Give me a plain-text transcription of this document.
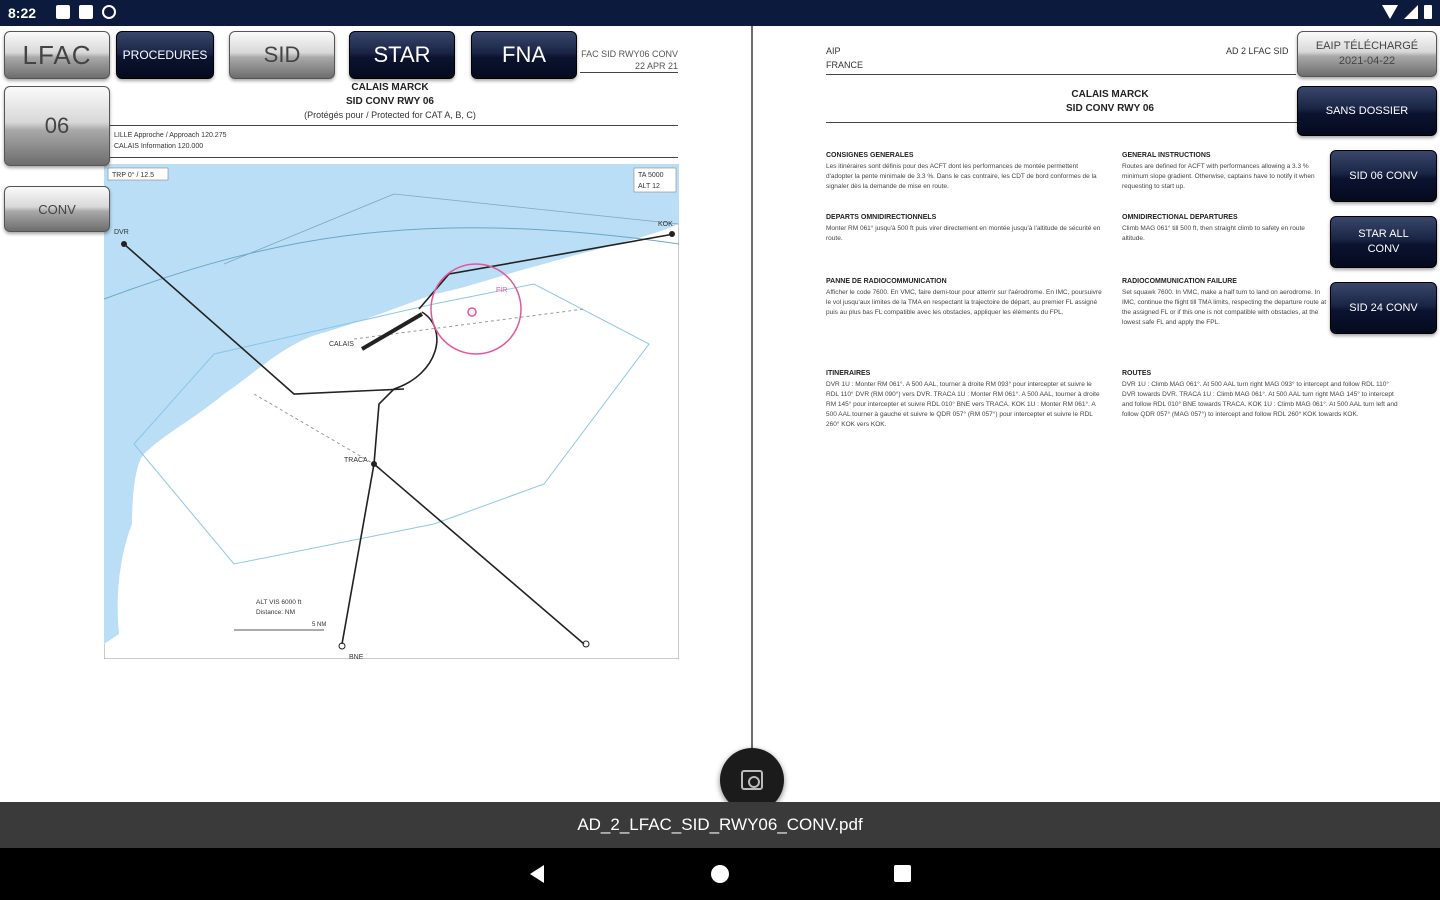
8:22
FAC SID RWY06 CONV
22 APR 21
CALAIS MARCK
SID CONV RWY 06
(Protégés pour / Protected for CAT A, B, C)
LILLE Approche / Approach 120.275
CALAIS Information 120.000
CALAIS
TRACA
KOK
DVR
BNE
FIR
TRP 0° / 12.5	TA 5000
ALT 12
ALT VIS 6000 ft
Distance: NM
5 NM
AIP
FRANCE
AD 2 LFAC SID
CALAIS MARCK
SID CONV RWY 06
CONSIGNES GENERALES

Les itinéraires sont définis pour des ACFT dont les performances de montée permettent d'adopter la pente minimale de 3.3 %. Dans le cas contraire, les CDT de bord conformes de la signaler dès la demande de mise en route.

DEPARTS OMNIDIRECTIONNELS

Monter RM 061° jusqu'à 500 ft puis virer directement en montée jusqu'à l'altitude de sécurité en route.

PANNE DE RADIOCOMMUNICATION

Afficher le code 7600. En VMC, faire demi-tour pour atterrir sur l'aérodrome. En IMC, poursuivre le vol jusqu'aux limites de la TMA en respectant la trajectoire de départ, au premier FL assigné puis au plus bas FL compatible avec les obstacles, appliquer les éléments du FPL.

ITINERAIRES

DVR 1U : Monter RM 061°. A 500 AAL, tourner à droite RM 093° pour intercepter et suivre le RDL 110° DVR (RM 090°) vers DVR. TRACA 1U : Monter RM 061°. A 500 AAL, tourner à droite RM 145° pour intercepter et suivre RDL 010° BNE vers TRACA. KOK 1U : Monter RM 061°. A 500 AAL tourner à gauche et suivre le QDR 057° (RM 057°) pour intercepter et suivre le RDL 260° KOK vers KOK.

GENERAL INSTRUCTIONS

Routes are defined for ACFT with performances allowing a 3.3 % minimum slope gradient. Otherwise, captains have to notify it when requesting to start up.

OMNIDIRECTIONAL DEPARTURES

Climb MAG 061° till 500 ft, then straight climb to safety en route altitude.

RADIOCOMMUNICATION FAILURE

Set squawk 7600. In VMC, make a half turn to land on aerodrome. In IMC, continue the flight till TMA limits, respecting the departure route at the assigned FL or if this one is not compatible with obstacles, at the lowest safe FL and apply the FPL.

ROUTES

DVR 1U : Climb MAG 061°. At 500 AAL turn right MAG 093° to intercept and follow RDL 110° DVR towards DVR. TRACA 1U : Climb MAG 061°. At 500 AAL turn right MAG 145° to intercept and follow RDL 010° BNE towards TRACA. KOK 1U : Climb MAG 061°. At 500 AAL turn left and follow QDR 057° (MAG 057°) to intercept and follow RDL 260° KOK towards KOK.

LFAC	PROCEDURES	SID	STAR	FNA
06
CONV
EAIP TÉLÉCHARGÉ
2021-04-22
SANS DOSSIER
SID 06 CONV
STAR ALL
CONV
SID 24 CONV
AD_2_LFAC_SID_RWY06_CONV.pdf
